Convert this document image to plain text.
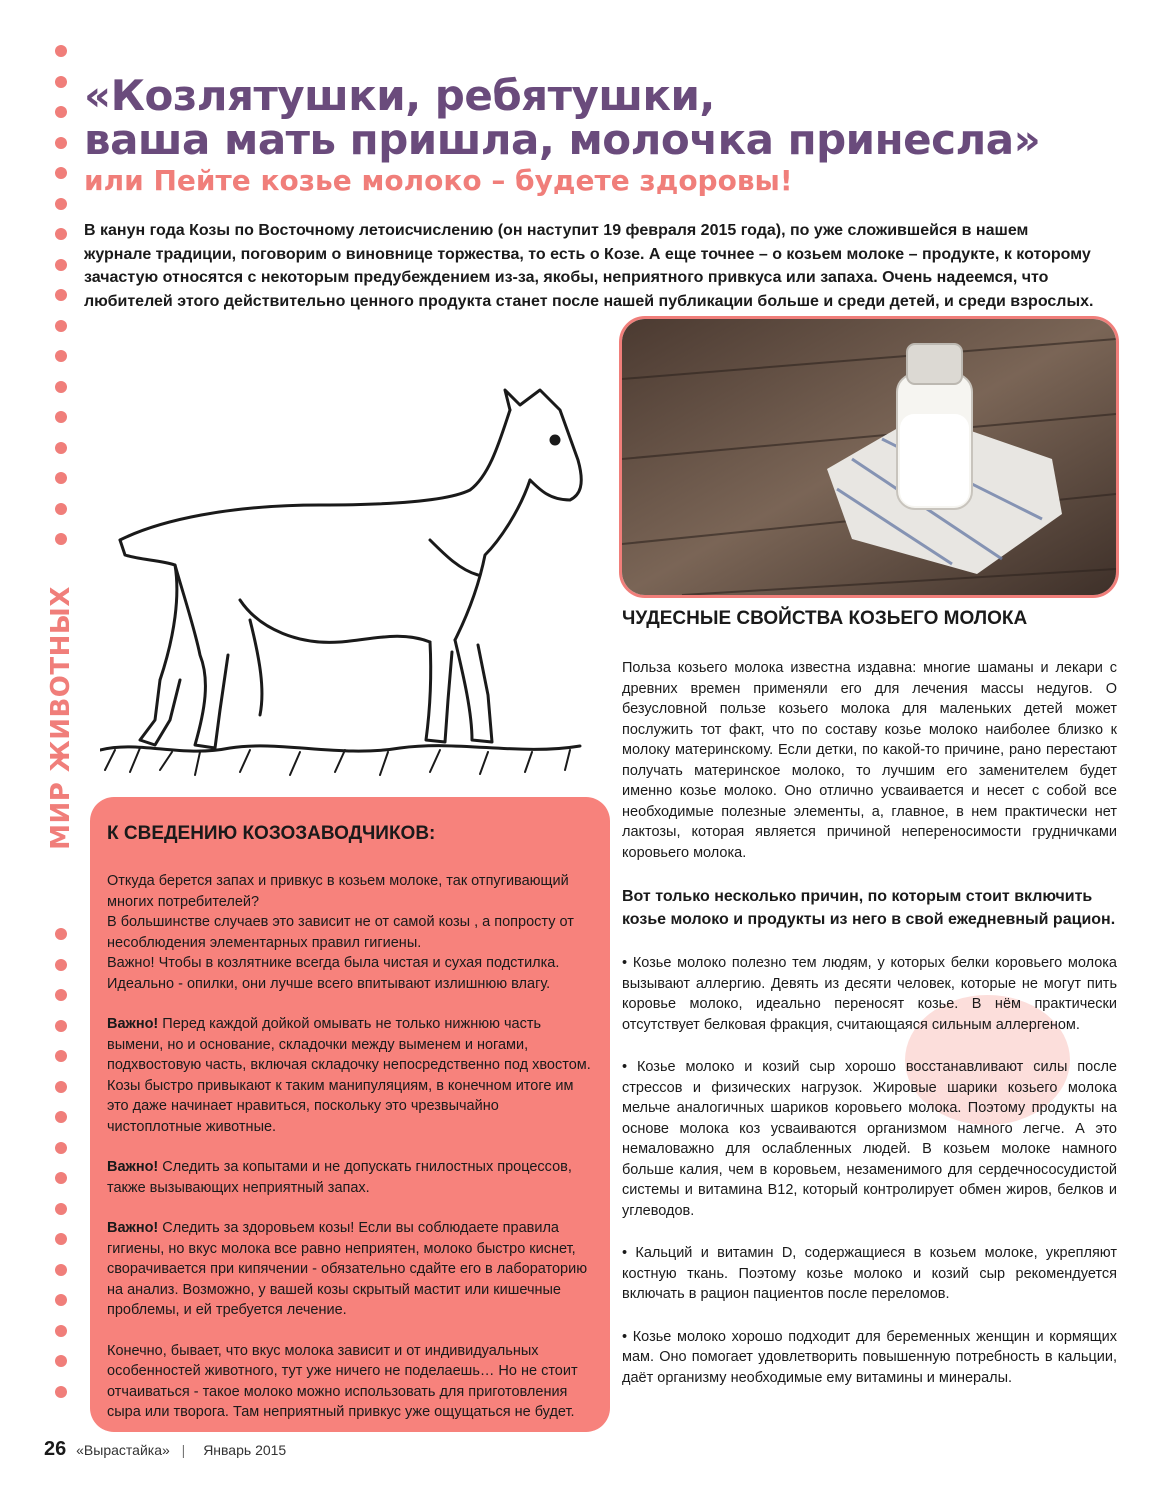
МИР ЖИВОТНЫХ
«Козлятушки, ребятушки,
ваша мать пришла, молочка принесла»
или Пейте козье молоко – будете здоровы!
В канун года Козы по Восточному летоисчислению (он наступит 19 февраля 2015 года), по уже сложившейся в нашем журнале традиции, поговорим о виновнице торжества, то есть о Козе. А еще точнее – о козьем молоке – продукте, к которому зачастую относятся с некоторым предубеждением из-за, якобы, неприятного привкуса или запаха. Очень надеемся, что любителей этого действительно ценного продукта станет после нашей публикации больше и среди детей, и среди взрослых.
К СВЕДЕНИЮ КОЗОЗАВОДЧИКОВ:

Откуда берется запах и привкус в козьем молоке, так отпугивающий многих потребителей?
В большинстве случаев это зависит не от самой козы , а попросту от несоблюдения элементарных правил гигиены.
Важно! Чтобы в козлятнике всегда была чистая и сухая подстилка. Идеально - опилки, они лучше всего впитывают излишнюю влагу.

Важно! Перед каждой дойкой омывать не только нижнюю часть вымени, но и основание, складочки между выменем и ногами, подхвостовую часть, включая складочку непосредственно под хвостом. Козы быстро привыкают к таким манипуляциям, в конечном итоге им это даже начинает нравиться, поскольку это чрезвычайно чистоплотные животные.

Важно! Следить за копытами и не допускать гнилостных процессов, также вызывающих неприятный запах.

Важно! Следить за здоровьем козы! Если вы соблюдаете правила гигиены, но вкус молока все равно неприятен, молоко быстро киснет, сворачивается при кипячении - обязательно сдайте его в лабораторию на анализ. Возможно, у вашей козы скрытый мастит или кишечные проблемы, и ей требуется лечение.

Конечно, бывает, что вкус молока зависит и от индивидуальных особенностей животного, тут уже ничего не поделаешь… Но не стоит отчаиваться - такое молоко можно использовать для приготовления сыра или творога. Там неприятный привкус уже ощущаться не будет.

ЧУДЕСНЫЕ СВОЙСТВА КОЗЬЕГО МОЛОКА

Польза козьего молока известна издавна: многие шаманы и лекари с древних времен применяли его для лечения массы недугов. О безусловной пользе козьего молока для маленьких детей может послужить тот факт, что по составу козье молоко наиболее близко к молоку материнскому. Если детки, по какой-то причине, рано перестают получать материнское молоко, то лучшим его заменителем будет именно козье молоко. Оно отлично усваивается и несет с собой все необходимые полезные элементы, а, главное, в нем практически нет лактозы, которая является причиной непереносимости грудничками коровьего молока.

Вот только несколько причин, по которым стоит включить козье молоко и продукты из него в свой ежедневный рацион.

• Козье молоко полезно тем людям, у которых белки коровьего молока вызывают аллергию. Девять из десяти человек, которые не могут пить коровье молоко, идеально переносят козье. В нём практически отсутствует белковая фракция, считающаяся сильным аллергеном.

• Козье молоко и козий сыр хорошо восстанавливают силы после стрессов и физических нагрузок. Жировые шарики козьего молока мельче аналогичных шариков коровьего молока. Поэтому продукты на основе молока коз усваиваются организмом намного легче. А это немаловажно для ослабленных людей. В козьем молоке намного больше калия, чем в коровьем, незаменимого для сердечнососудистой системы и витамина В12, который контролирует обмен жиров, белков и углеводов.

• Кальций и витамин D, содержащиеся в козьем молоке, укрепляют костную ткань. Поэтому козье молоко и козий сыр рекомендуется включать в рацион пациентов после переломов.

• Козье молоко хорошо подходит для беременных женщин и кормящих мам. Оно помогает удовлетворить повышенную потребность в кальции, даёт организму необходимые ему витамины и минералы.

26 «Вырастайка» | Январь 2015
